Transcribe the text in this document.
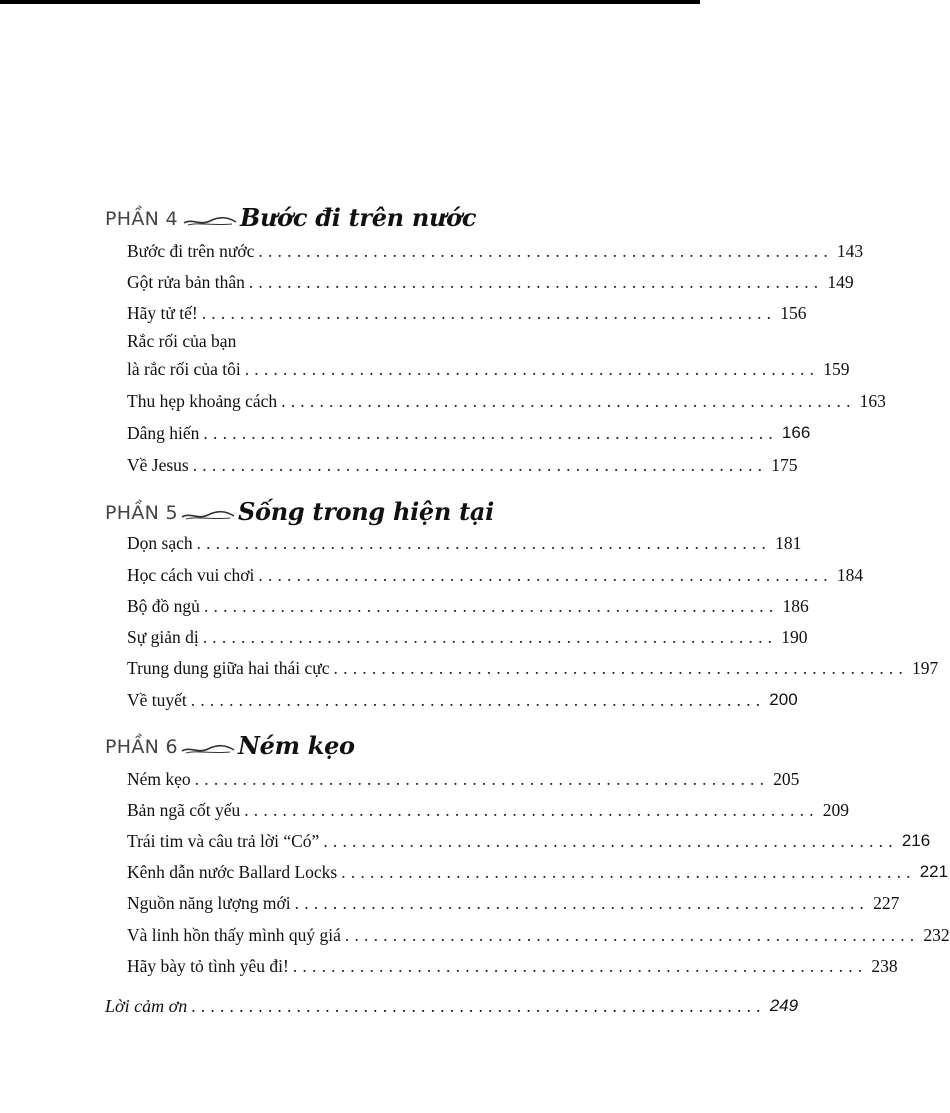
PHẦN 4	Bước đi trên nước
Bước đi trên nước ............................................................ 143
Gột rửa bản thân ............................................................ 149
Hãy tử tế! ............................................................ 156
Rắc rối của bạn
là rắc rối của tôi ............................................................ 159
Thu hẹp khoảng cách ............................................................ 163
Dâng hiến ............................................................ 166
Về Jesus ............................................................ 175
PHẦN 5	Sống trong hiện tại
Dọn sạch ............................................................ 181
Học cách vui chơi ............................................................ 184
Bộ đồ ngủ ............................................................ 186
Sự giản dị ............................................................ 190
Trung dung giữa hai thái cực ............................................................ 197
Về tuyết ............................................................ 200
PHẦN 6	Ném kẹo
Ném kẹo ............................................................ 205
Bản ngã cốt yếu ............................................................ 209
Trái tim và câu trả lời “Có” ............................................................ 216
Kênh dẫn nước Ballard Locks ............................................................ 221
Nguồn năng lượng mới ............................................................ 227
Và linh hồn thấy mình quý giá ............................................................ 232
Hãy bày tỏ tình yêu đi! ............................................................ 238
Lời cảm ơn ............................................................ 249
